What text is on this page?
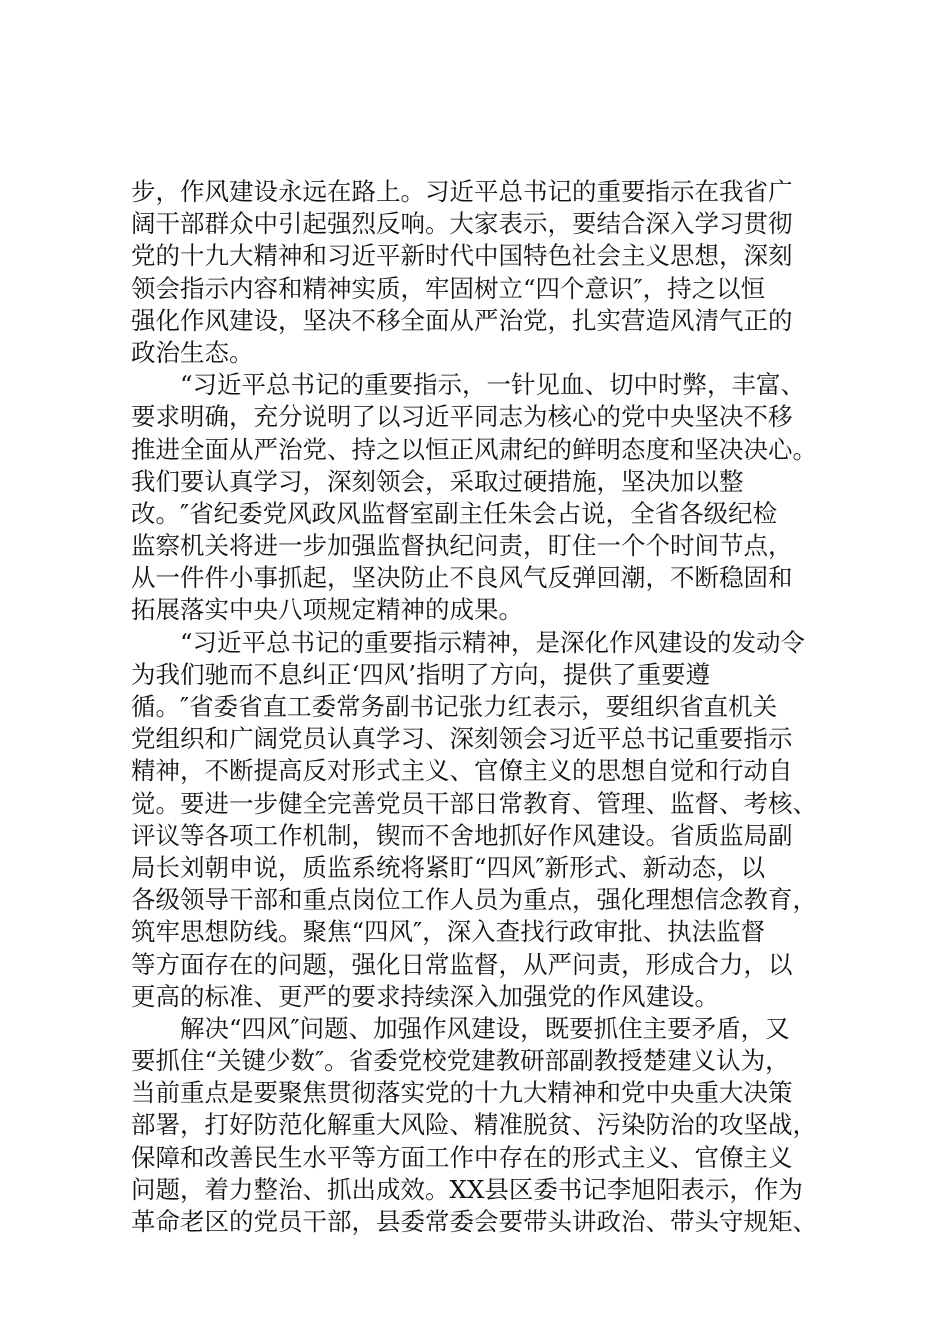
步，作风建设永远在路上。习近平总书记的重要指示在我省广
阔干部群众中引起强烈反响。大家表示，要结合深入学习贯彻
党的十九大精神和习近平新时代中国特色社会主义思想，深刻
领会指示内容和精神实质，牢固树立“四个意识″，持之以恒
强化作风建设，坚决不移全面从严治党，扎实营造风清气正的
政治生态。
　　“习近平总书记的重要指示，一针见血、切中时弊，丰富、
要求明确，充分说明了以习近平同志为核心的党中央坚决不移
推进全面从严治党、持之以恒正风肃纪的鲜明态度和坚决决心。
我们要认真学习，深刻领会，采取过硬措施，坚决加以整
改。″省纪委党风政风监督室副主任朱会占说，全省各级纪检
监察机关将进一步加强监督执纪问责，盯住一个个时间节点，
从一件件小事抓起，坚决防止不良风气反弹回潮，不断稳固和
拓展落实中央八项规定精神的成果。
　　“习近平总书记的重要指示精神，是深化作风建设的发动令
为我们驰而不息纠正‘四风’指明了方向，提供了重要遵
循。″省委省直工委常务副书记张力红表示，要组织省直机关
党组织和广阔党员认真学习、深刻领会习近平总书记重要指示
精神，不断提高反对形式主义、官僚主义的思想自觉和行动自
觉。要进一步健全完善党员干部日常教育、管理、监督、考核、
评议等各项工作机制，锲而不舍地抓好作风建设。省质监局副
局长刘朝申说，质监系统将紧盯“四风″新形式、新动态，以
各级领导干部和重点岗位工作人员为重点，强化理想信念教育，
筑牢思想防线。聚焦“四风″，深入查找行政审批、执法监督
等方面存在的问题，强化日常监督，从严问责，形成合力，以
更高的标准、更严的要求持续深入加强党的作风建设。
　　解决“四风″问题、加强作风建设，既要抓住主要矛盾，又
要抓住“关键少数″。省委党校党建教研部副教授楚建义认为，
当前重点是要聚焦贯彻落实党的十九大精神和党中央重大决策
部署，打好防范化解重大风险、精准脱贫、污染防治的攻坚战，
保障和改善民生水平等方面工作中存在的形式主义、官僚主义
问题，着力整治、抓出成效。XX县区委书记李旭阳表示，作为
革命老区的党员干部，县委常委会要带头讲政治、带头守规矩、
